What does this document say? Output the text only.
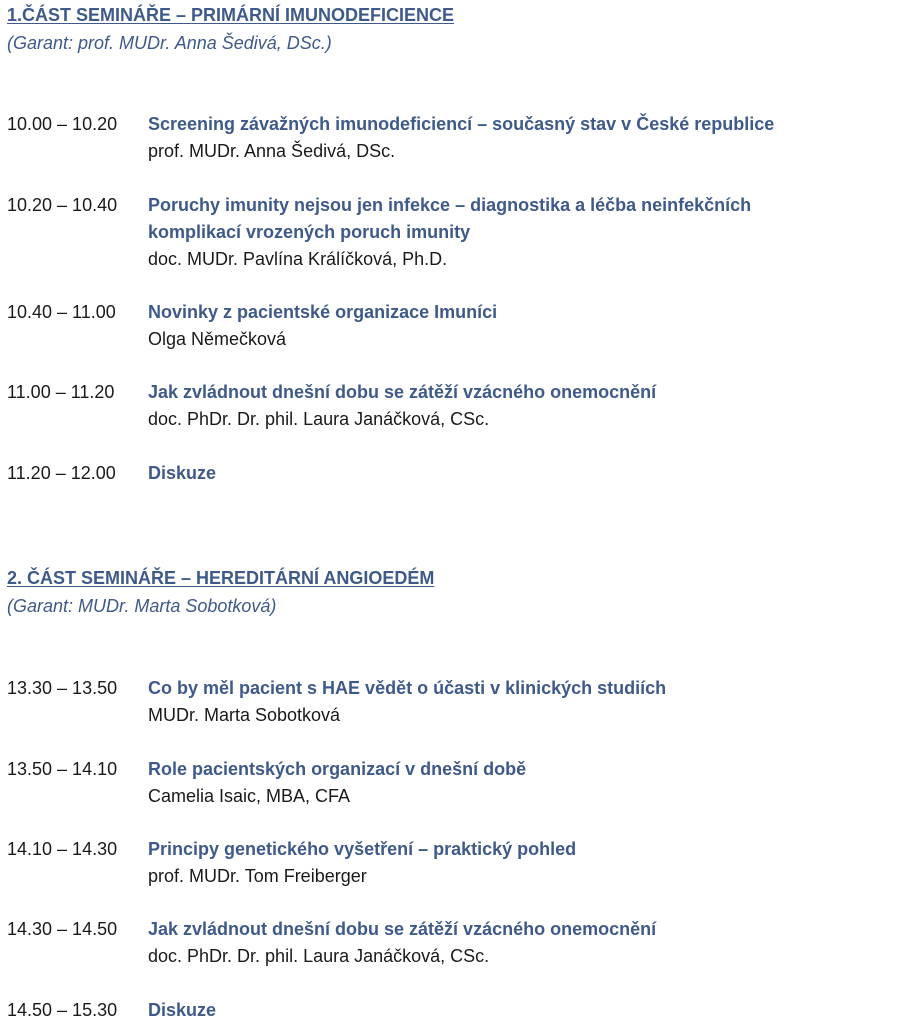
1.ČÁST SEMINÁŘE – PRIMÁRNÍ IMUNODEFICIENCE
(Garant: prof. MUDr. Anna Šedivá, DSc.)
10.00 – 10.20 Screening závažných imunodeficiencí – současný stav v České republice
prof. MUDr. Anna Šedivá, DSc.
10.20 – 10.40 Poruchy imunity nejsou jen infekce – diagnostika a léčba neinfekčních komplikací vrozených poruch imunity
doc. MUDr. Pavlína Králíčková, Ph.D.
10.40 – 11.00 Novinky z pacientské organizace Imuníci
Olga Němečková
11.00 – 11.20 Jak zvládnout dnešní dobu se zátěží vzácného onemocnění
doc. PhDr. Dr. phil. Laura Janáčková, CSc.
11.20 – 12.00 Diskuze
2. ČÁST SEMINÁŘE – HEREDITÁRNÍ ANGIOEDÉM
(Garant: MUDr. Marta Sobotková)
13.30 – 13.50 Co by měl pacient s HAE vědět o účasti v klinických studiích
MUDr. Marta Sobotková
13.50 – 14.10 Role pacientských organizací v dnešní době
Camelia Isaic, MBA, CFA
14.10 – 14.30 Principy genetického vyšetření – praktický pohled
prof. MUDr. Tom Freiberger
14.30 – 14.50 Jak zvládnout dnešní dobu se zátěží vzácného onemocnění
doc. PhDr. Dr. phil. Laura Janáčková, CSc.
14.50 – 15.30 Diskuze
